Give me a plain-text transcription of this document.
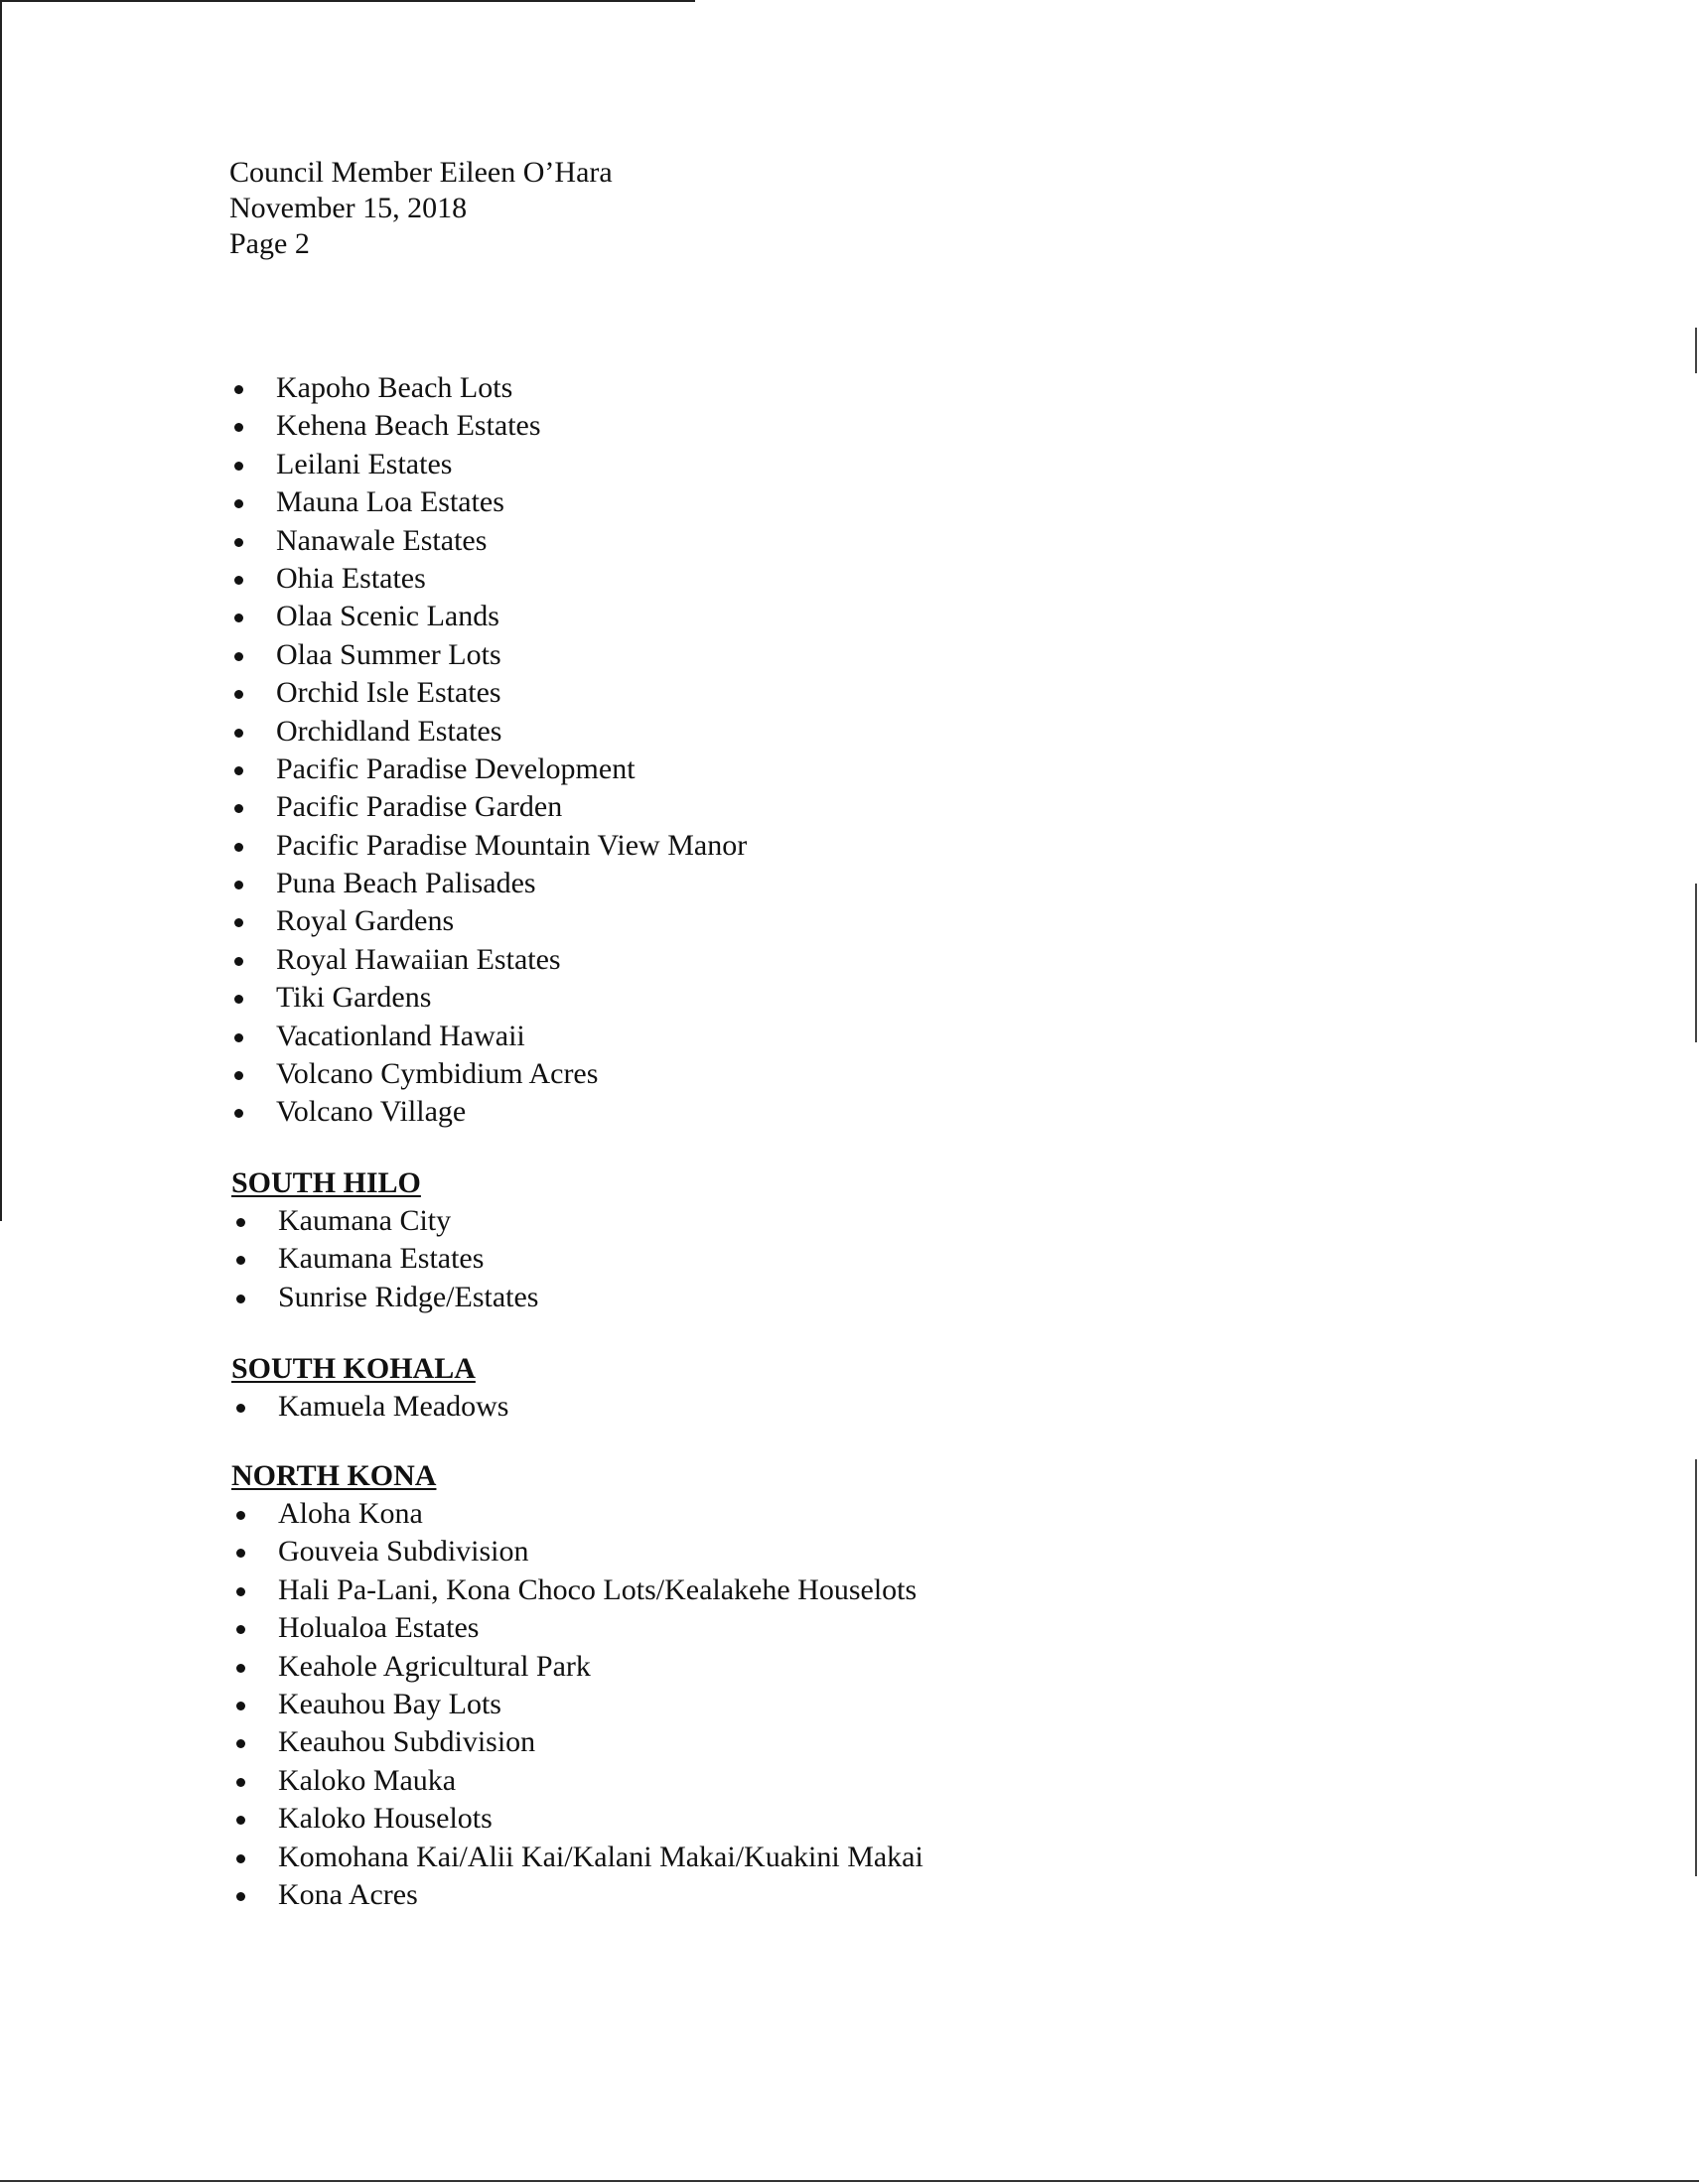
Council Member Eileen O’Hara
November 15, 2018
Page 2
Kapoho Beach Lots
Kehena Beach Estates
Leilani Estates
Mauna Loa Estates
Nanawale Estates
Ohia Estates
Olaa Scenic Lands
Olaa Summer Lots
Orchid Isle Estates
Orchidland Estates
Pacific Paradise Development
Pacific Paradise Garden
Pacific Paradise Mountain View Manor
Puna Beach Palisades
Royal Gardens
Royal Hawaiian Estates
Tiki Gardens
Vacationland Hawaii
Volcano Cymbidium Acres
Volcano Village
SOUTH HILO
Kaumana City
Kaumana Estates
Sunrise Ridge/Estates
SOUTH KOHALA
Kamuela Meadows
NORTH KONA
Aloha Kona
Gouveia Subdivision
Hali Pa-Lani, Kona Choco Lots/Kealakehe Houselots
Holualoa Estates
Keahole Agricultural Park
Keauhou Bay Lots
Keauhou Subdivision
Kaloko Mauka
Kaloko Houselots
Komohana Kai/Alii Kai/Kalani Makai/Kuakini Makai
Kona Acres
